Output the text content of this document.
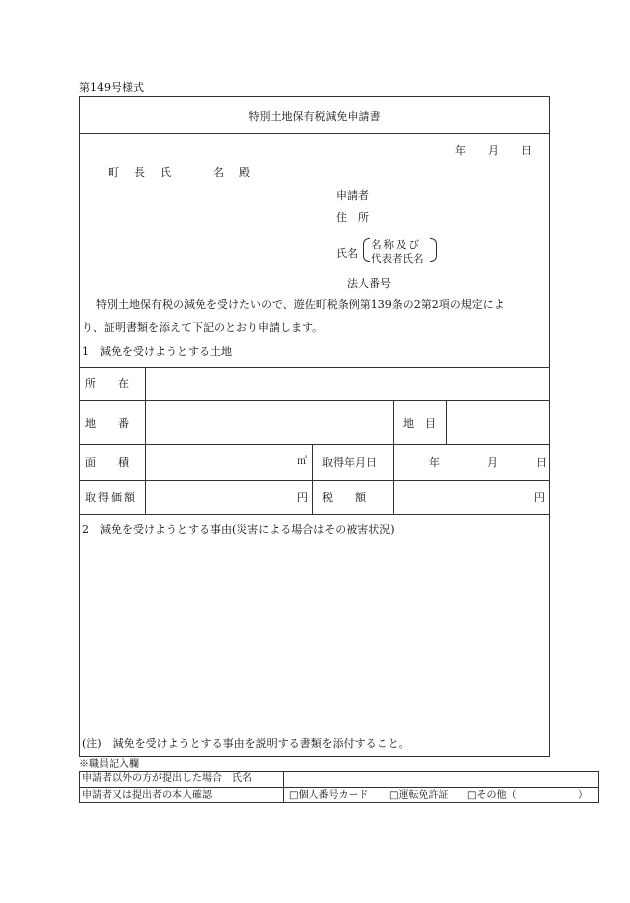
第149号様式
特別土地保有税減免申請書
年 月 日
町　長　氏	名　殿
申請者
住　所
氏名
名称及び
代表者氏名
法人番号
特別土地保有税の減免を受けたいので、遊佐町税条例第139条の2第2項の規定によ
り、証明書類を添えて下記のとおり申請します。
1　減免を受けようとする土地
所　　在
地　　番	地　目
面　　積	㎡ 取得年月日	年	月	日
取得価額	円 税　　額	円
2　減免を受けようとする事由(災害による場合はその被害状況)
(注)　減免を受けようとする事由を説明する書類を添付すること。
※職員記入欄
申請者以外の方が提出した場合　氏名
申請者又は提出者の本人確認	□個人番号カード □運転免許証 □その他（	）
